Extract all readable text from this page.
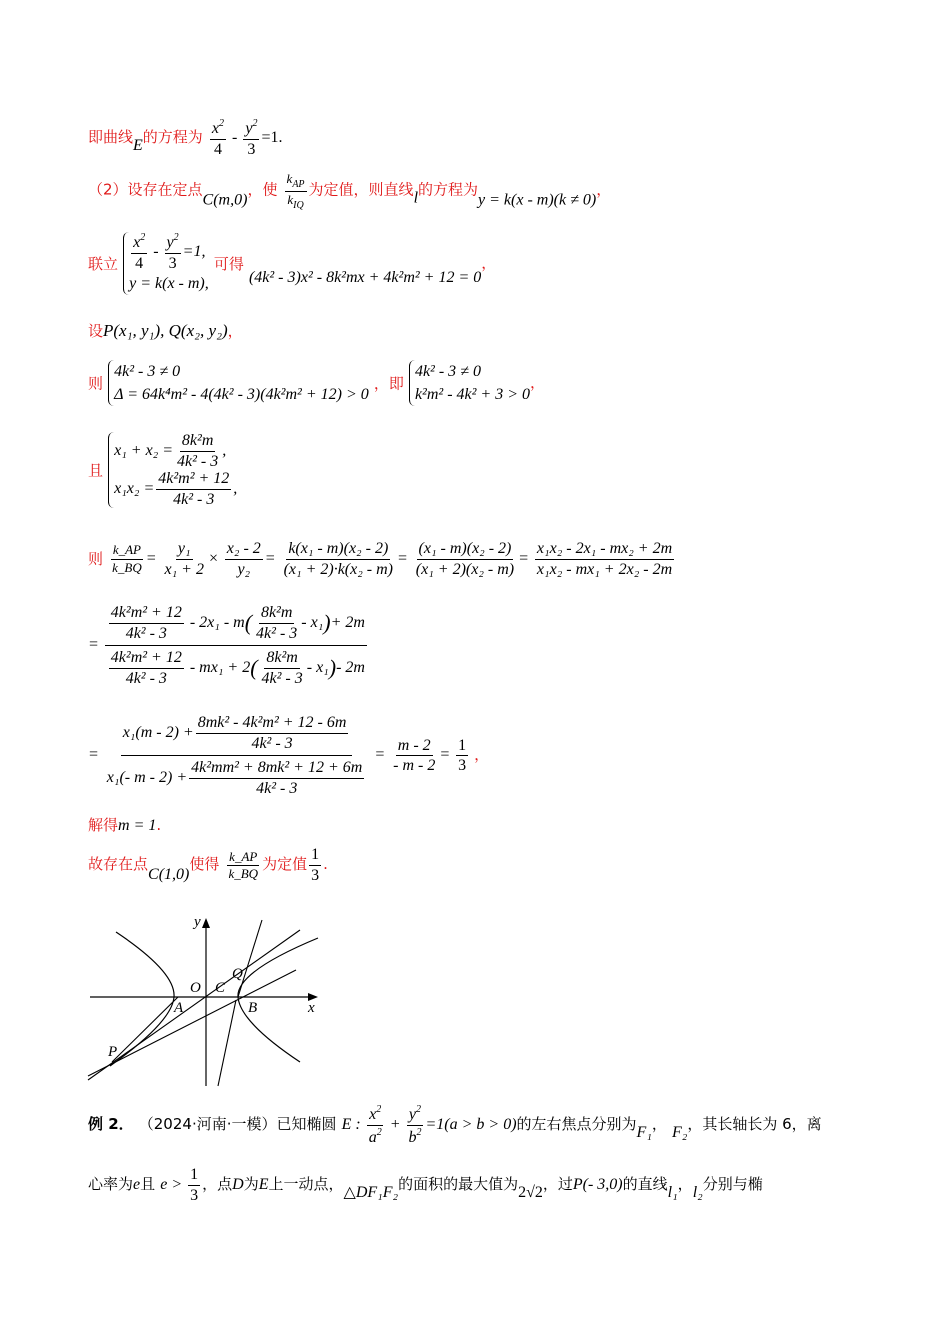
即曲线E的方程为 $\frac{x^2}{4} - \frac{y^2}{3} =1$.
（2）设存在定点C(m,0)，使 $\frac{k_{AP}}{k_{IQ}}$ 为定值，则直线l的方程为y = k(x - m)(k ≠ 0)，
联立 $\frac{x^2}{4} - \frac{y^2}{3} =1$,
y = k(x - m),
可得 (4k² - 3)x² - 8k²mx + 4k²m² + 12 = 0，
设P(x₁, y₁), Q(x₂, y₂)，
则
4k² - 3 ≠ 0
Δ = 64k⁴m² - 4(4k² - 3)(4k²m² + 12) > 0
，即
4k² - 3 ≠ 0
k²m² - 4k² + 3 > 0
，
且
$x_1 + x_2 = \frac{\text{8k²m}}{\text{4k² - 3}}$ ,
$x_1x_2 = \frac{\text{4k²m² + 12}}{\text{4k² - 3}}$ ,
则 $\frac{k\_AP}{k\_BQ} = \frac{\text{y₁}}{\text{x₁ + 2}} \times \frac{\text{x₂ - 2}}{\text{y₂}} = \frac{\text{k(x₁ - m)(x₂ - 2)}}{\text{(x₁ + 2)·k(x₂ - m)}} = \frac{\text{(x₁ - m)(x₂ - 2)}}{\text{(x₁ + 2)(x₂ - m)}} = \frac{\text{x₁x₂ - 2x₁ - mx₂ + 2m}}{\text{x₁x₂ - mx₁ + 2x₂ - 2m}}$
= $\frac{\frac{\text{4k²m² + 12}}{\text{4k² - 3}} - 2x_1 - m( \frac{\text{8k²m}}{\text{4k² - 3}} - x_1)+ 2m}{\frac{\text{4k²m² + 12}}{\text{4k² - 3}} - mx_1 + 2( \frac{\text{8k²m}}{\text{4k² - 3}} - x_1)- 2m}$
= $\frac{x_1(m - 2) + \frac{\text{8mk² - 4k²m² + 12 - 6m}}{\text{4k² - 3}}}{x_1(- m - 2) + \frac{\text{4k²mm² + 8mk² + 12 + 6m}}{\text{4k² - 3}}} = \frac{m - 2}{- m - 2} = \frac{1}{3}$ ，
解得m = 1.
故存在点C(1,0)使得 $\frac{k\_AP}{k\_BQ}$ 为定值 $\frac{1}{3}$ .
y
x
O C
Q
A	B
P
例 2． （2024·河南·一模）已知椭圆 E : $\frac{x^2}{a^2} + \frac{y^2}{b^2} =1(a > b > 0)$的左右焦点分别为F₁， F₂，其长轴长为 6，离
心率为e且 $e > \frac{1}{3}$ ，点D为E上一动点，△DF₁F₂的面积的最大值为2√2，过P(- 3,0)的直线l₁，l₂分别与椭
